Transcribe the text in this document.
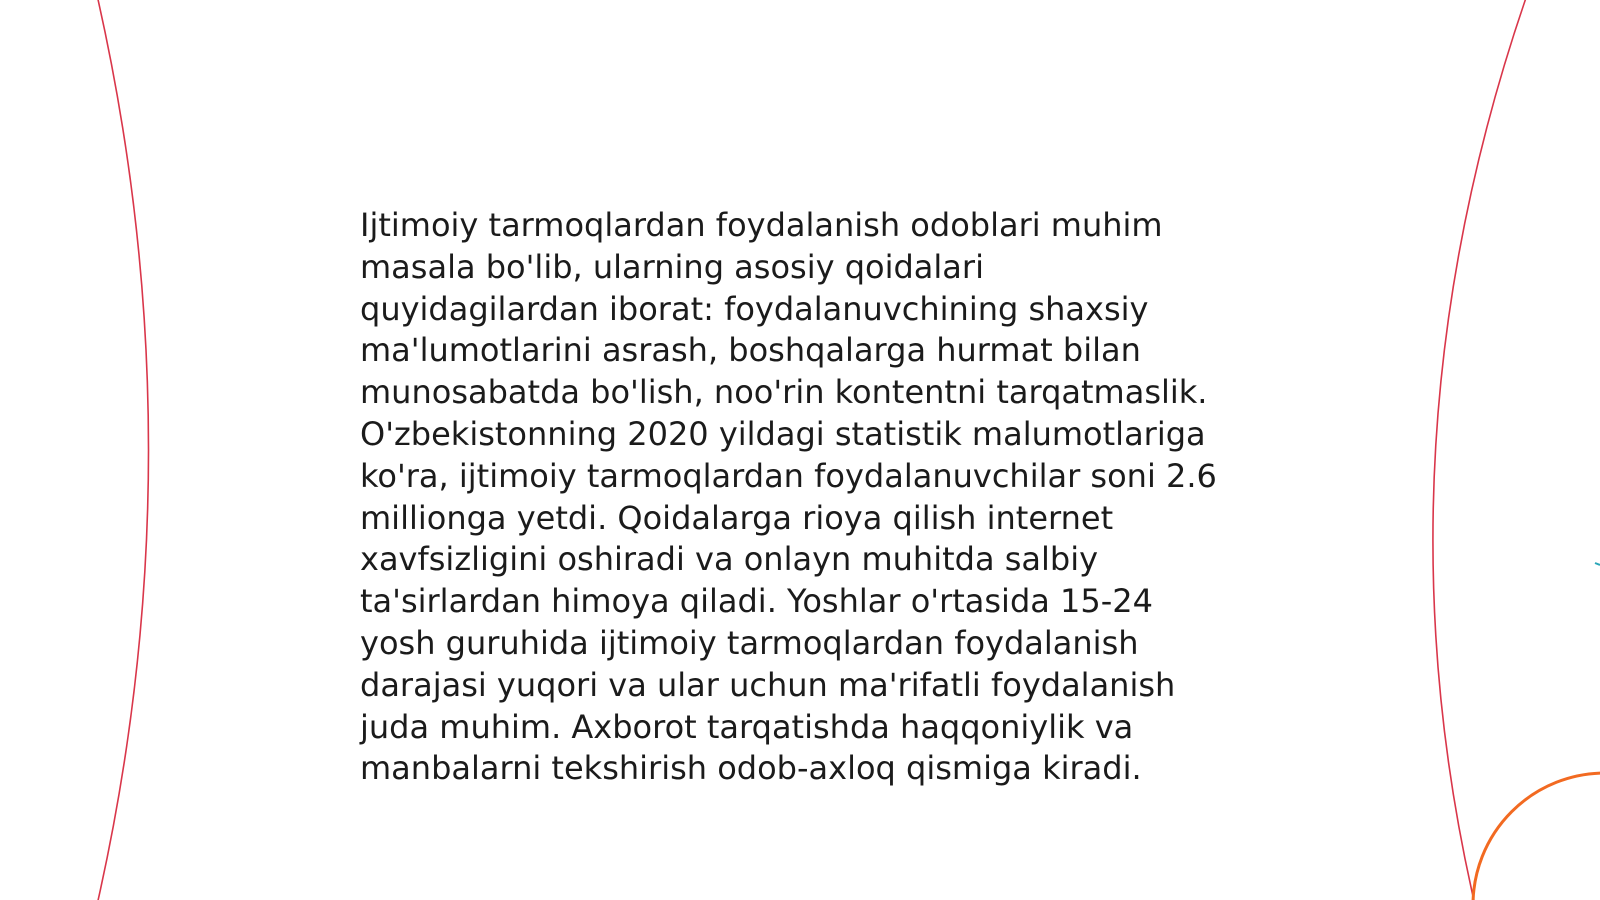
Ijtimoiy tarmoqlardan foydalanish odoblari muhim
masala bo'lib, ularning asosiy qoidalari
quyidagilardan iborat: foydalanuvchining shaxsiy
ma'lumotlarini asrash, boshqalarga hurmat bilan
munosabatda bo'lish, noo'rin kontentni tarqatmaslik.
O'zbekistonning 2020 yildagi statistik malumotlariga
ko'ra, ijtimoiy tarmoqlardan foydalanuvchilar soni 2.6
millionga yetdi. Qoidalarga rioya qilish internet
xavfsizligini oshiradi va onlayn muhitda salbiy
ta'sirlardan himoya qiladi. Yoshlar o'rtasida 15-24
yosh guruhida ijtimoiy tarmoqlardan foydalanish
darajasi yuqori va ular uchun ma'rifatli foydalanish
juda muhim. Axborot tarqatishda haqqoniylik va
manbalarni tekshirish odob-axloq qismiga kiradi.
